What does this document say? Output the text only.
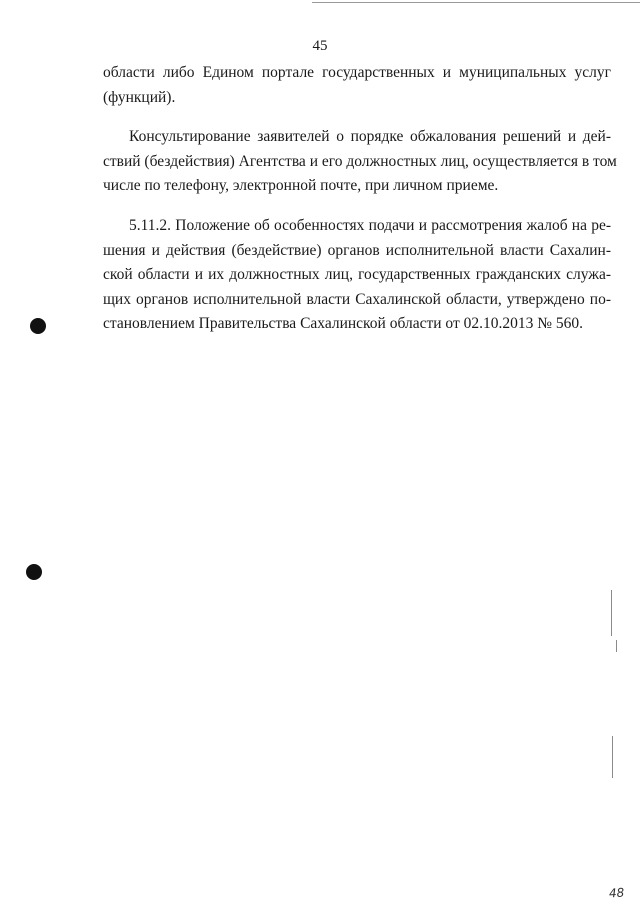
45
области либо Едином портале государственных и муниципальных услуг
(функций).
Консультирование заявителей о порядке обжалования решений и дей-
ствий (бездействия) Агентства и его должностных лиц, осуществляется в том
числе по телефону, электронной почте, при личном приеме.
5.11.2. Положение об особенностях подачи и рассмотрения жалоб на ре-
шения и действия (бездействие) органов исполнительной власти Сахалин-
ской области и их должностных лиц, государственных гражданских служа-
щих органов исполнительной власти Сахалинской области, утверждено по-
становлением Правительства Сахалинской области от 02.10.2013 № 560.
48
